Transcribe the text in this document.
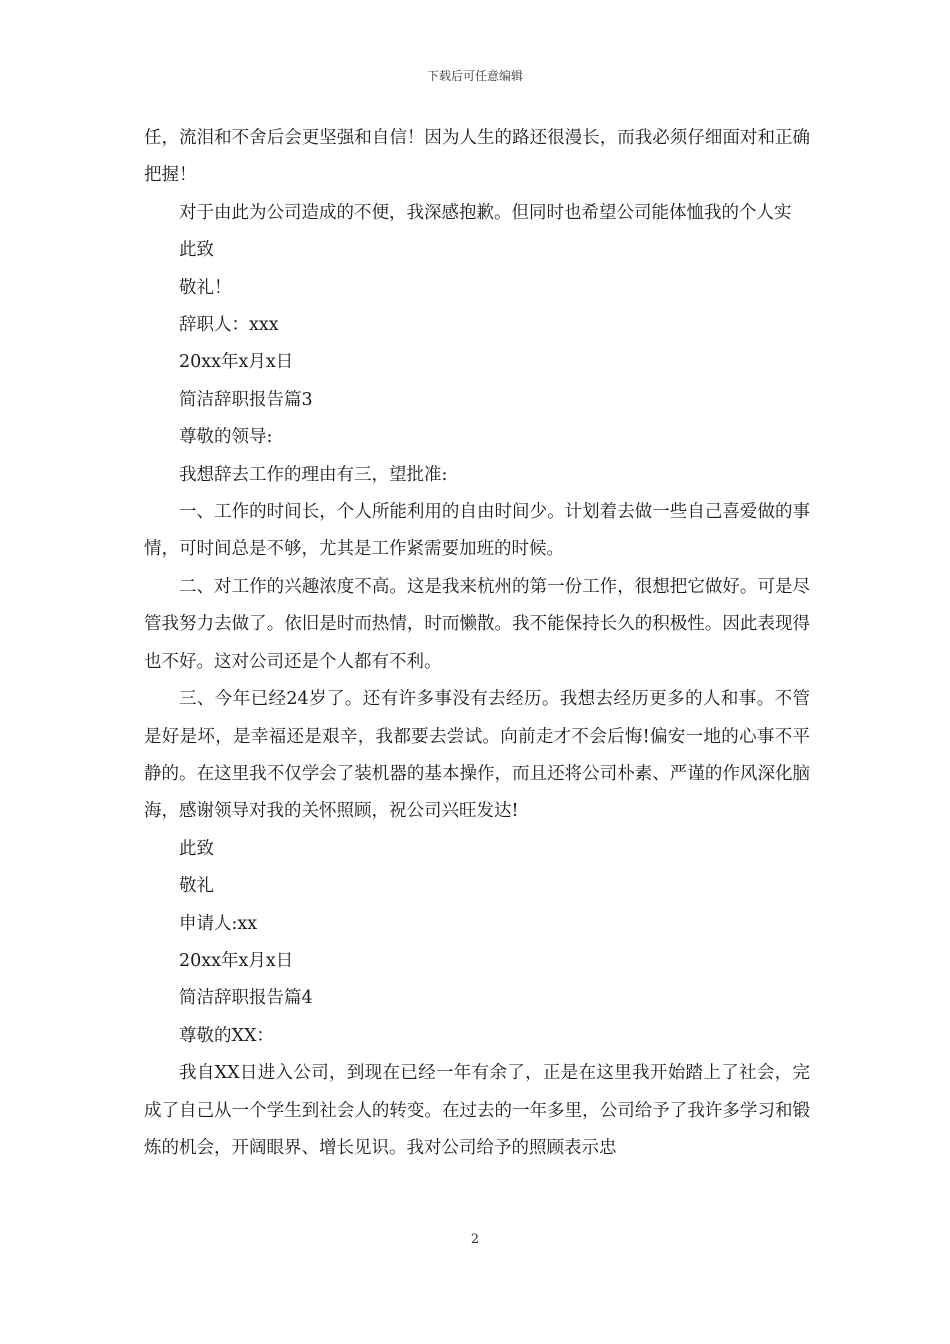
下载后可任意编辑

任，流泪和不舍后会更坚强和自信！因为人生的路还很漫长，而我必须仔细面对和正确把握！

对于由此为公司造成的不便，我深感抱歉。但同时也希望公司能体恤我的个人实

此致

敬礼！

辞职人：xxx

20xx年x月x日

简洁辞职报告篇3

尊敬的领导:

我想辞去工作的理由有三，望批准:

一、工作的时间长，个人所能利用的自由时间少。计划着去做一些自己喜爱做的事情，可时间总是不够，尤其是工作紧需要加班的时候。

二、对工作的兴趣浓度不高。这是我来杭州的第一份工作，很想把它做好。可是尽管我努力去做了。依旧是时而热情，时而懒散。我不能保持长久的积极性。因此表现得也不好。这对公司还是个人都有不利。

三、今年已经24岁了。还有许多事没有去经历。我想去经历更多的人和事。不管是好是坏，是幸福还是艰辛，我都要去尝试。向前走才不会后悔!偏安一地的心事不平静的。在这里我不仅学会了装机器的基本操作，而且还将公司朴素、严谨的作风深化脑海，感谢领导对我的关怀照顾，祝公司兴旺发达!

此致

敬礼

申请人:xx

20xx年x月x日

简洁辞职报告篇4

尊敬的XX：

我自XX日进入公司，到现在已经一年有余了，正是在这里我开始踏上了社会，完成了自己从一个学生到社会人的转变。在过去的一年多里，公司给予了我许多学习和锻炼的机会，开阔眼界、增长见识。我对公司给予的照顾表示忠

2
